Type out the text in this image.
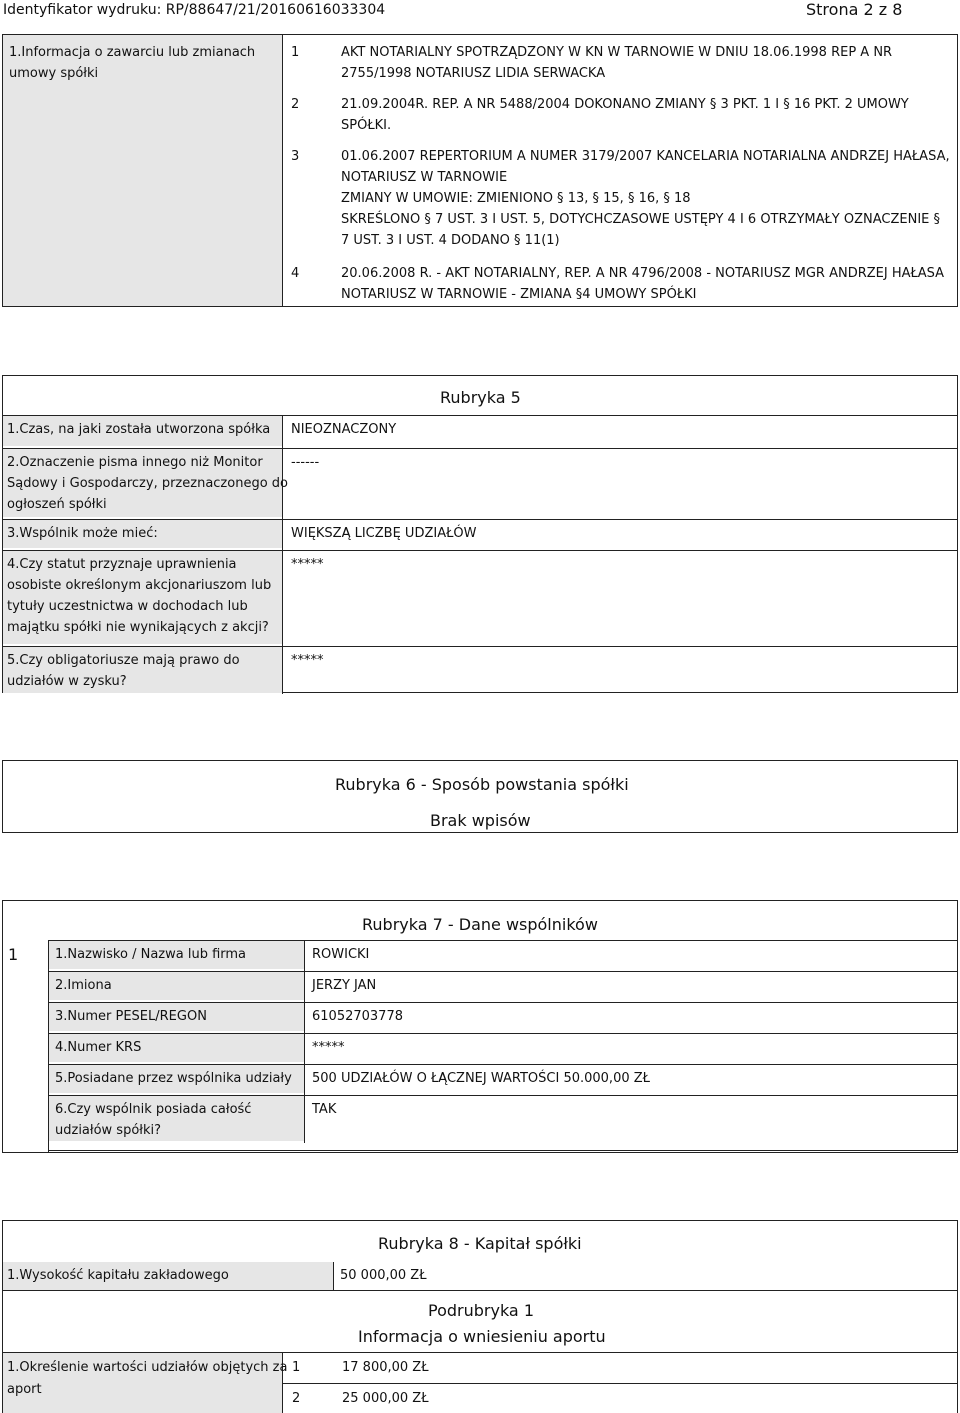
Identyfikator wydruku: RP/88647/21/20160616033304	Strona 2 z 8
1.Informacja o zawarciu lub zmianach umowy spółki
1	AKT NOTARIALNY SPOTRZĄDZONY W KN W TARNOWIE W DNIU 18.06.1998 REP A NR
2755/1998 NOTARIUSZ LIDIA SERWACKA
2	21.09.2004R. REP. A NR 5488/2004 DOKONANO ZMIANY § 3 PKT. 1 I § 16 PKT. 2 UMOWY
SPÓŁKI.
3	01.06.2007 REPERTORIUM A NUMER 3179/2007 KANCELARIA NOTARIALNA ANDRZEJ HAŁASA,
NOTARIUSZ W TARNOWIE
ZMIANY W UMOWIE: ZMIENIONO § 13, § 15, § 16, § 18
SKREŚLONO § 7 UST. 3 I UST. 5, DOTYCHCZASOWE USTĘPY 4 I 6 OTRZYMAŁY OZNACZENIE §
7 UST. 3 I UST. 4 DODANO § 11(1)
4	20.06.2008 R. - AKT NOTARIALNY, REP. A NR 4796/2008 - NOTARIUSZ MGR ANDRZEJ HAŁASA
NOTARIUSZ W TARNOWIE - ZMIANA §4 UMOWY SPÓŁKI
Rubryka 5
1.Czas, na jaki została utworzona spółka NIEOZNACZONY
2.Oznaczenie pisma innego niż Monitor
Sądowy i Gospodarczy, przeznaczonego do
ogłoszeń spółki
------
3.Wspólnik może mieć:	WIĘKSZĄ LICZBĘ UDZIAŁÓW
4.Czy statut przyznaje uprawnienia
osobiste określonym akcjonariuszom lub
tytuły uczestnictwa w dochodach lub
majątku spółki nie wynikających z akcji?
*****
5.Czy obligatoriusze mają prawo do
udziałów w zysku?
*****
Rubryka 6 - Sposób powstania spółki
Brak wpisów
Rubryka 7 - Dane wspólników
1	1.Nazwisko / Nazwa lub firma	ROWICKI
2.Imiona	JERZY JAN
3.Numer PESEL/REGON	61052703778
4.Numer KRS	*****
5.Posiadane przez wspólnika udziały 500 UDZIAŁÓW O ŁĄCZNEJ WARTOŚCI 50.000,00 ZŁ
6.Czy wspólnik posiada całość
udziałów spółki?
TAK
Rubryka 8 - Kapitał spółki
1.Wysokość kapitału zakładowego	50 000,00 ZŁ
Podrubryka 1
Informacja o wniesieniu aportu
1.Określenie wartości udziałów objętych za
aport
1	17 800,00 ZŁ
2	25 000,00 ZŁ
